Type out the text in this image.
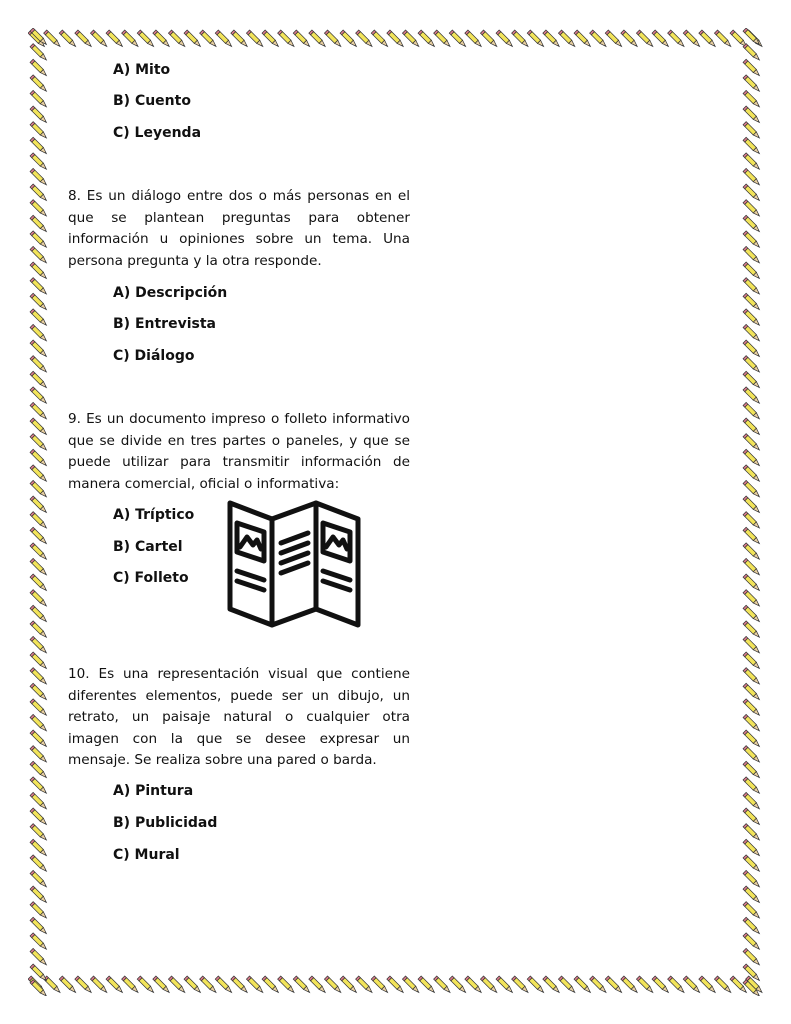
A) Mito
B) Cuento
C) Leyenda
8. Es un diálogo entre dos o más personas en el que se plantean preguntas para obtener información u opiniones sobre un tema. Una persona pregunta y la otra responde.
A) Descripción
B) Entrevista
C) Diálogo
9. Es un documento impreso o folleto informativo que se divide en tres partes o paneles, y que se puede utilizar para transmitir información de manera comercial, oficial o informativa:
A) Tríptico
B) Cartel
C) Folleto
10. Es una representación visual que contiene diferentes elementos, puede ser un dibujo, un retrato, un paisaje natural o cualquier otra imagen con la que se desee expresar un mensaje. Se realiza sobre una pared o barda.
A) Pintura
B) Publicidad
C) Mural
